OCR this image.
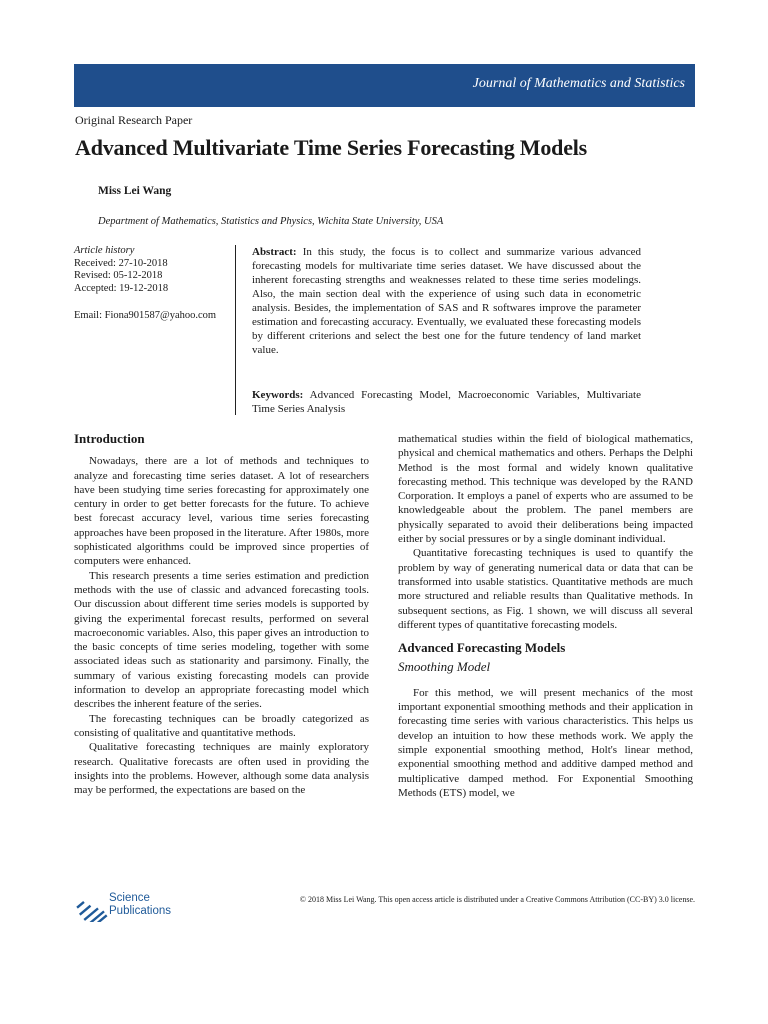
Journal of Mathematics and Statistics
Original Research Paper
Advanced Multivariate Time Series Forecasting Models
Miss Lei Wang
Department of Mathematics, Statistics and Physics, Wichita State University, USA
Article history
Received: 27-10-2018
Revised: 05-12-2018
Accepted: 19-12-2018
Email: Fiona901587@yahoo.com

Abstract: In this study, the focus is to collect and summarize various advanced forecasting models for multivariate time series dataset. We have discussed about the inherent forecasting strengths and weaknesses related to these time series modelings. Also, the main section deal with the experience of using such data in econometric analysis. Besides, the implementation of SAS and R softwares improve the parameter estimation and forecasting accuracy. Eventually, we evaluated these forecasting models by different criterions and select the best one for the future tendency of land market value.

Keywords: Advanced Forecasting Model, Macroeconomic Variables, Multivariate Time Series Analysis

Introduction

Nowadays, there are a lot of methods and techniques to analyze and forecasting time series dataset. A lot of researchers have been studying time series forecasting for approximately one century in order to get better forecasts for the future. To achieve best forecast accuracy level, various time series forecasting approaches have been proposed in the literature. After 1980s, more sophisticated algorithms could be improved since properties of computers were enhanced.

This research presents a time series estimation and prediction methods with the use of classic and advanced forecasting tools. Our discussion about different time series models is supported by giving the experimental forecast results, performed on several macroeconomic variables. Also, this paper gives an introduction to the basic concepts of time series modeling, together with some associated ideas such as stationarity and parsimony. Finally, the summary of various existing forecasting models can provide information to develop an appropriate forecasting model which describes the inherent feature of the series.

The forecasting techniques can be broadly categorized as consisting of qualitative and quantitative methods.

Qualitative forecasting techniques are mainly exploratory research. Qualitative forecasts are often used in providing the insights into the problems. However, although some data analysis may be performed, the expectations are based on the

mathematical studies within the field of biological mathematics, physical and chemical mathematics and others. Perhaps the Delphi Method is the most formal and widely known qualitative forecasting method. This technique was developed by the RAND Corporation. It employs a panel of experts who are assumed to be knowledgeable about the problem. The panel members are physically separated to avoid their deliberations being impacted either by social pressures or by a single dominant individual.

Quantitative forecasting techniques is used to quantify the problem by way of generating numerical data or data that can be transformed into usable statistics. Quantitative methods are much more structured and reliable results than Qualitative methods. In subsequent sections, as Fig. 1 shown, we will discuss all several different types of quantitative forecasting models.

Advanced Forecasting Models
Smoothing Model

For this method, we will present mechanics of the most important exponential smoothing methods and their application in forecasting time series with various characteristics. This helps us develop an intuition to how these methods work. We apply the simple exponential smoothing method, Holt's linear method, exponential smoothing method and additive damped method and multiplicative damped method. For Exponential Smoothing Methods (ETS) model, we

Science
Publications
© 2018 Miss Lei Wang. This open access article is distributed under a Creative Commons Attribution (CC-BY) 3.0 license.
